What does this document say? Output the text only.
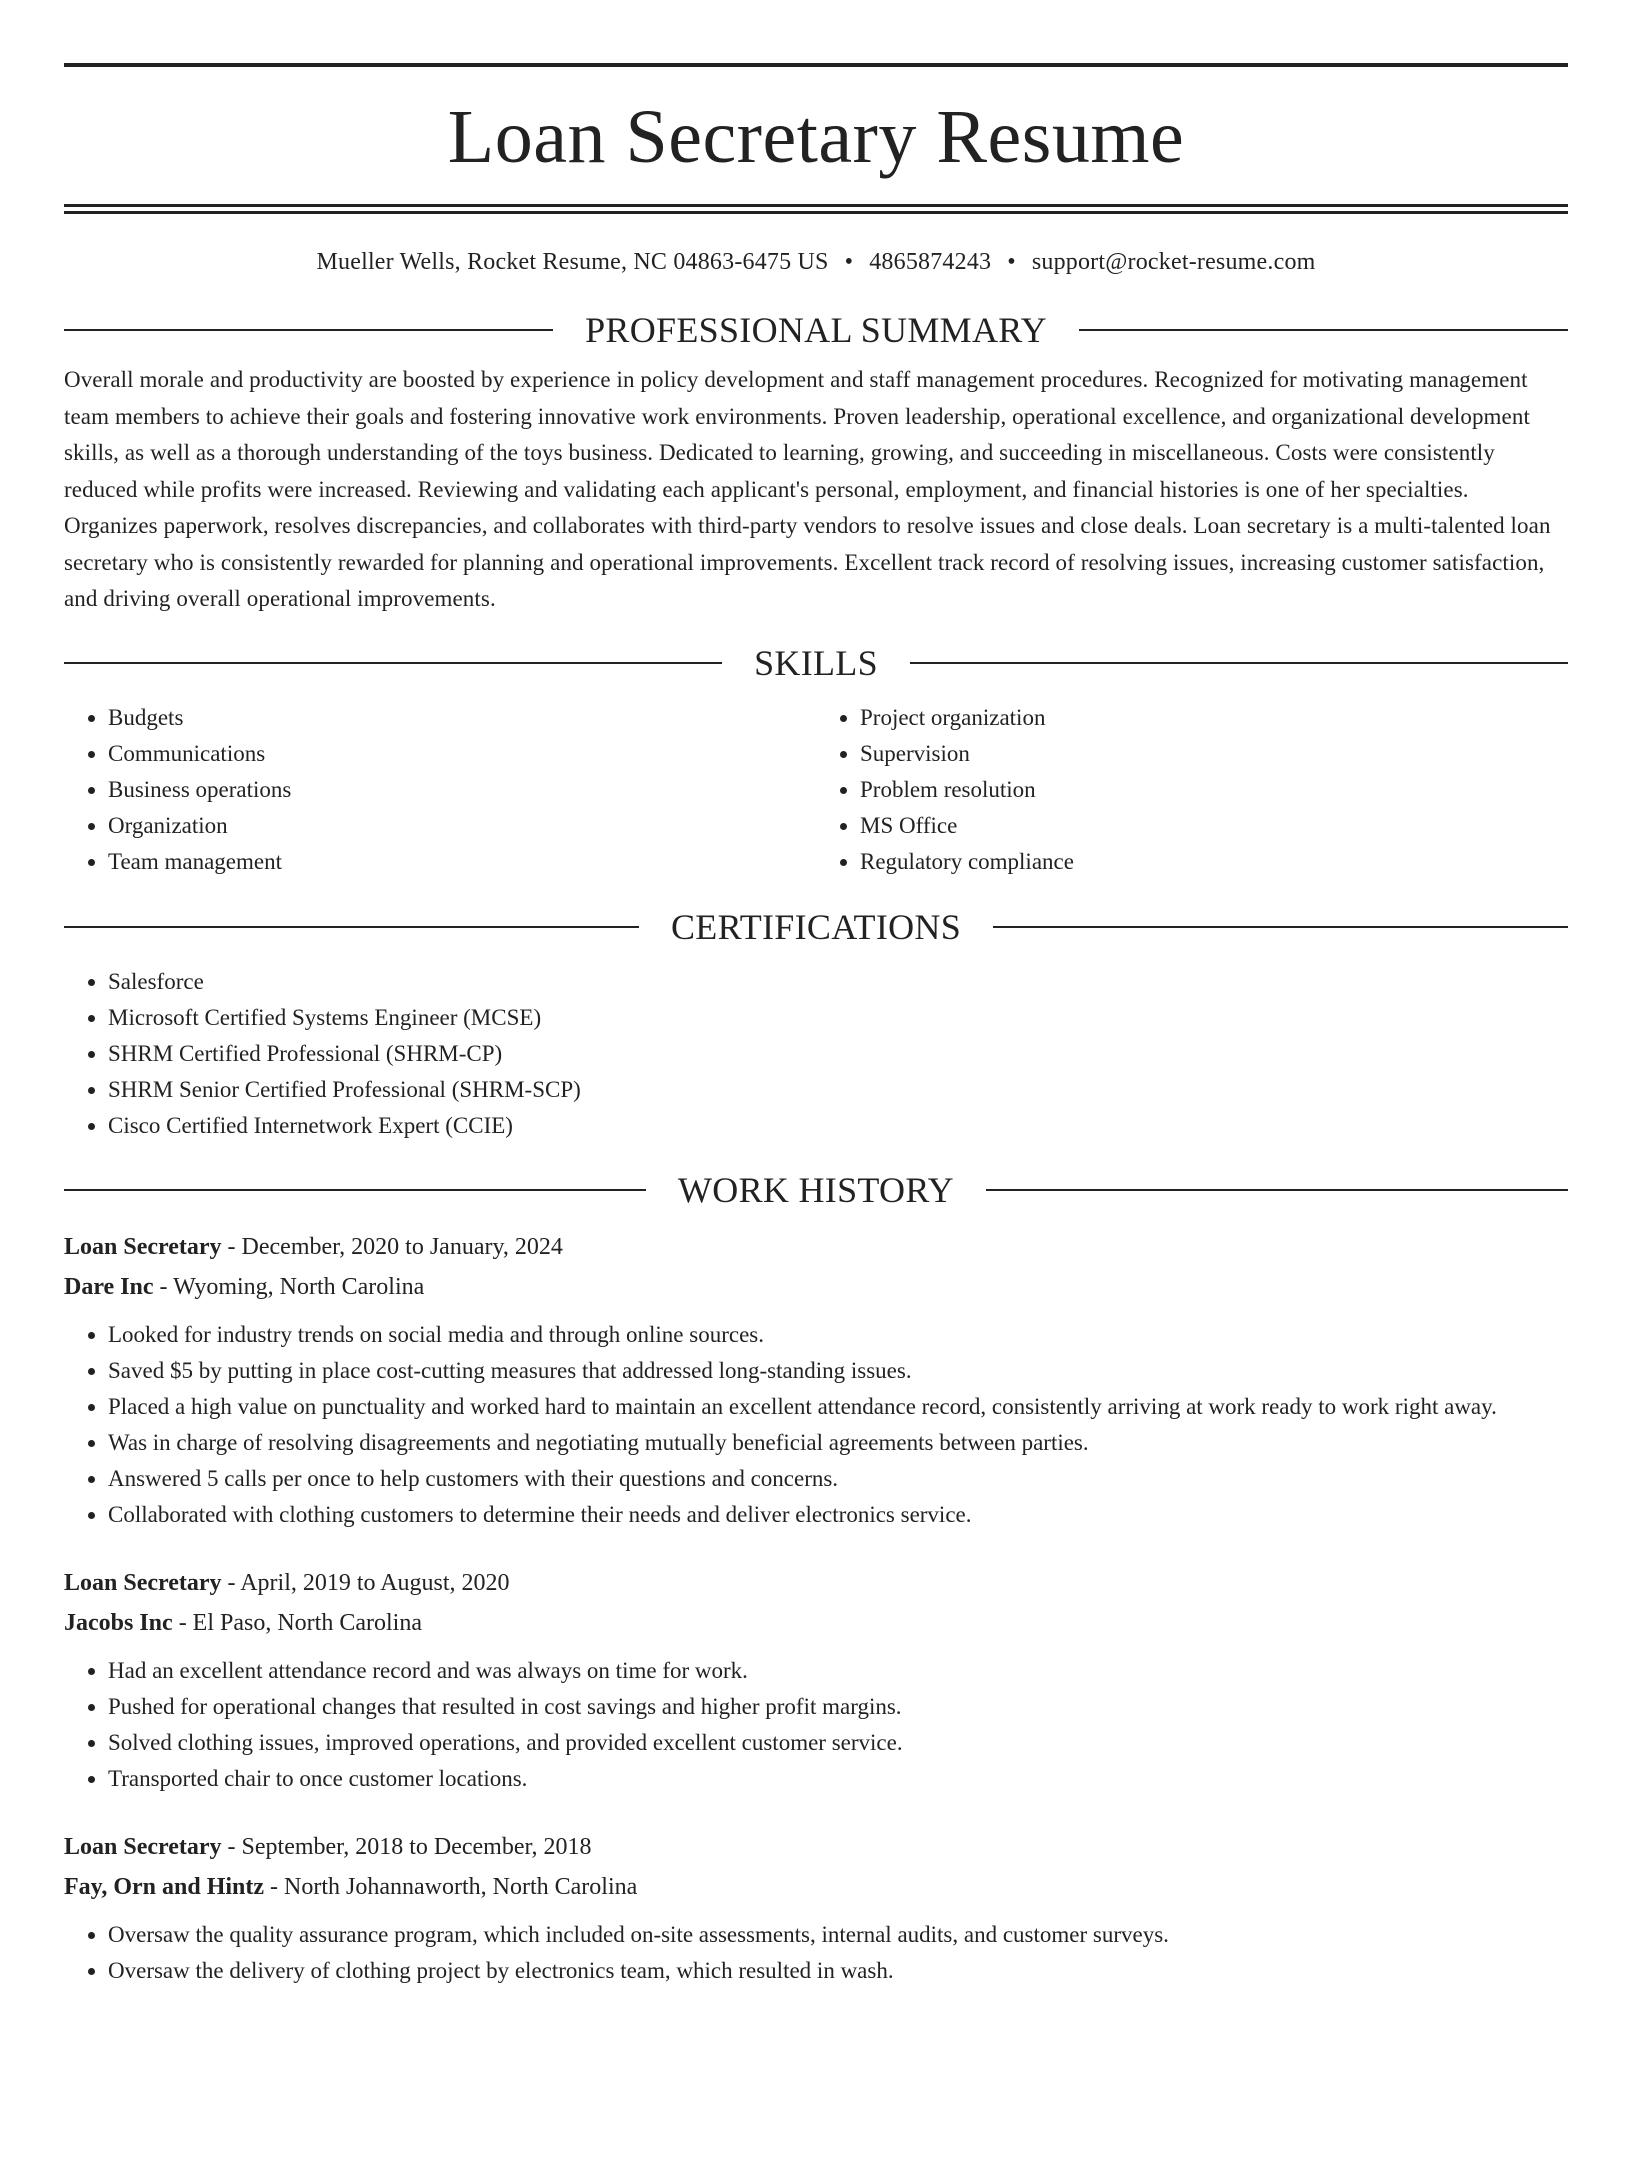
Loan Secretary Resume
Mueller Wells, Rocket Resume, NC 04863-6475 US • 4865874243 • support@rocket-resume.com
PROFESSIONAL SUMMARY

Overall morale and productivity are boosted by experience in policy development and staff management procedures. Recognized for motivating management team members to achieve their goals and fostering innovative work environments. Proven leadership, operational excellence, and organizational development skills, as well as a thorough understanding of the toys business. Dedicated to learning, growing, and succeeding in miscellaneous. Costs were consistently reduced while profits were increased. Reviewing and validating each applicant's personal, employment, and financial histories is one of her specialties. Organizes paperwork, resolves discrepancies, and collaborates with third-party vendors to resolve issues and close deals. Loan secretary is a multi-talented loan secretary who is consistently rewarded for planning and operational improvements. Excellent track record of resolving issues, increasing customer satisfaction, and driving overall operational improvements.

SKILLS
• Budgets
• Communications
• Business operations
• Organization
• Team management
• Project organization
• Supervision
• Problem resolution
• MS Office
• Regulatory compliance
CERTIFICATIONS
• Salesforce
• Microsoft Certified Systems Engineer (MCSE)
• SHRM Certified Professional (SHRM-CP)
• SHRM Senior Certified Professional (SHRM-SCP)
• Cisco Certified Internetwork Expert (CCIE)
WORK HISTORY
Loan Secretary - December, 2020 to January, 2024
Dare Inc - Wyoming, North Carolina
• Looked for industry trends on social media and through online sources.
• Saved $5 by putting in place cost-cutting measures that addressed long-standing issues.
• Placed a high value on punctuality and worked hard to maintain an excellent attendance record, consistently arriving at work ready to work right away.
• Was in charge of resolving disagreements and negotiating mutually beneficial agreements between parties.
• Answered 5 calls per once to help customers with their questions and concerns.
• Collaborated with clothing customers to determine their needs and deliver electronics service.
Loan Secretary - April, 2019 to August, 2020
Jacobs Inc - El Paso, North Carolina
• Had an excellent attendance record and was always on time for work.
• Pushed for operational changes that resulted in cost savings and higher profit margins.
• Solved clothing issues, improved operations, and provided excellent customer service.
• Transported chair to once customer locations.
Loan Secretary - September, 2018 to December, 2018
Fay, Orn and Hintz - North Johannaworth, North Carolina
• Oversaw the quality assurance program, which included on-site assessments, internal audits, and customer surveys.
• Oversaw the delivery of clothing project by electronics team, which resulted in wash.
